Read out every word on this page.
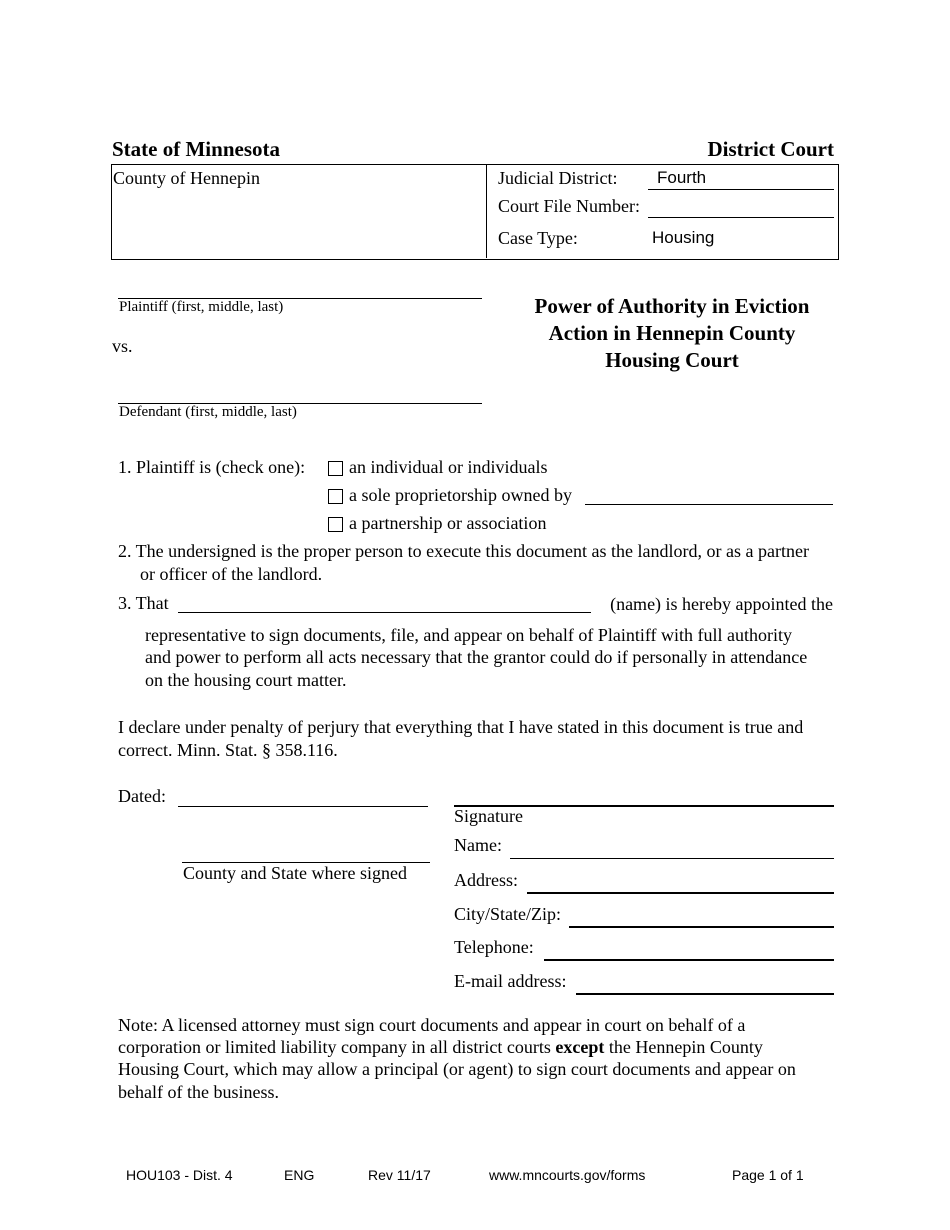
State of Minnesota	District Court
County of Hennepin	Judicial District: Fourth
Court File Number:
Case Type:	Housing
Plaintiff (first, middle, last)
vs.
Defendant (first, middle, last)
Power of Authority in Eviction
Action in Hennepin County
Housing Court
1. Plaintiff is (check one): an individual or individuals
a sole proprietorship owned by
a partnership or association
2. The undersigned is the proper person to execute this document as the landlord, or as a partner
or officer of the landlord.
3. That	(name) is hereby appointed the
representative to sign documents, file, and appear on behalf of Plaintiff with full authority
and power to perform all acts necessary that the grantor could do if personally in attendance
on the housing court matter.
I declare under penalty of perjury that everything that I have stated in this document is true and
correct. Minn. Stat. § 358.116.
Dated:
County and State where signed
Signature
Name:
Address:
City/State/Zip:
Telephone:
E-mail address:
Note: A licensed attorney must sign court documents and appear in court on behalf of a
corporation or limited liability company in all district courts except the Hennepin County
Housing Court, which may allow a principal (or agent) to sign court documents and appear on
behalf of the business.
HOU103 - Dist. 4	ENG	Rev 11/17	www.mncourts.gov/forms	Page 1 of 1
